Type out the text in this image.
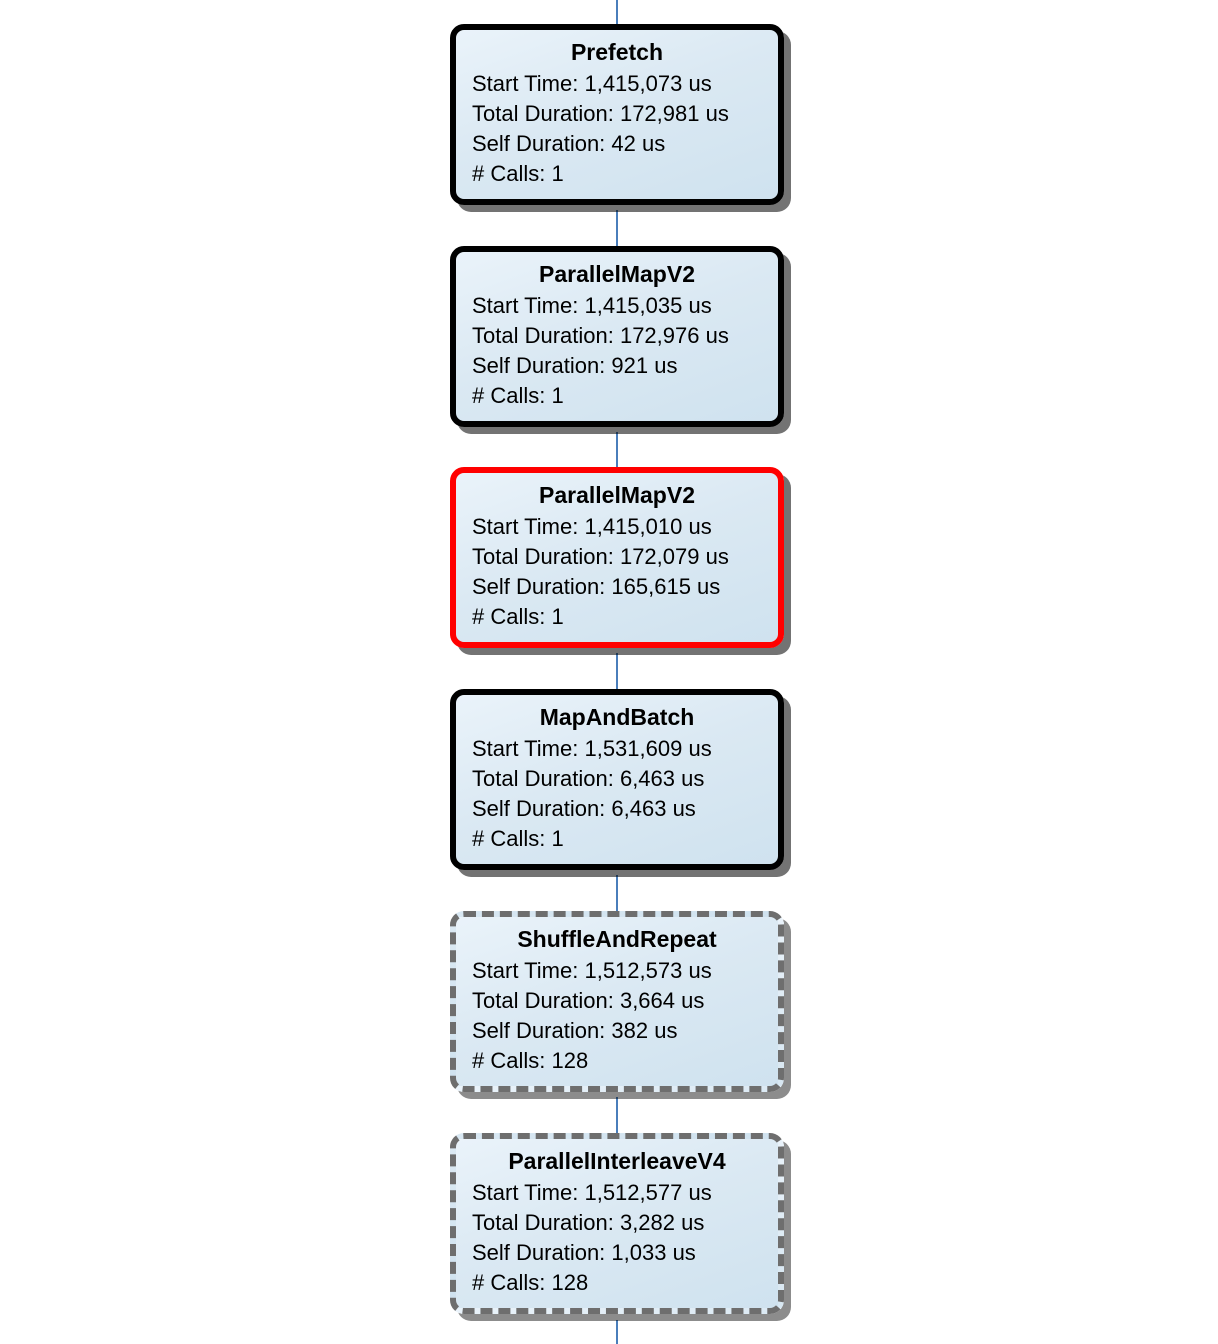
Prefetch
Start Time: 1,415,073 us
Total Duration: 172,981 us
Self Duration: 42 us
# Calls: 1
ParallelMapV2
Start Time: 1,415,035 us
Total Duration: 172,976 us
Self Duration: 921 us
# Calls: 1
ParallelMapV2
Start Time: 1,415,010 us
Total Duration: 172,079 us
Self Duration: 165,615 us
# Calls: 1
MapAndBatch
Start Time: 1,531,609 us
Total Duration: 6,463 us
Self Duration: 6,463 us
# Calls: 1
ShuffleAndRepeat
Start Time: 1,512,573 us
Total Duration: 3,664 us
Self Duration: 382 us
# Calls: 128
ParallelInterleaveV4
Start Time: 1,512,577 us
Total Duration: 3,282 us
Self Duration: 1,033 us
# Calls: 128
